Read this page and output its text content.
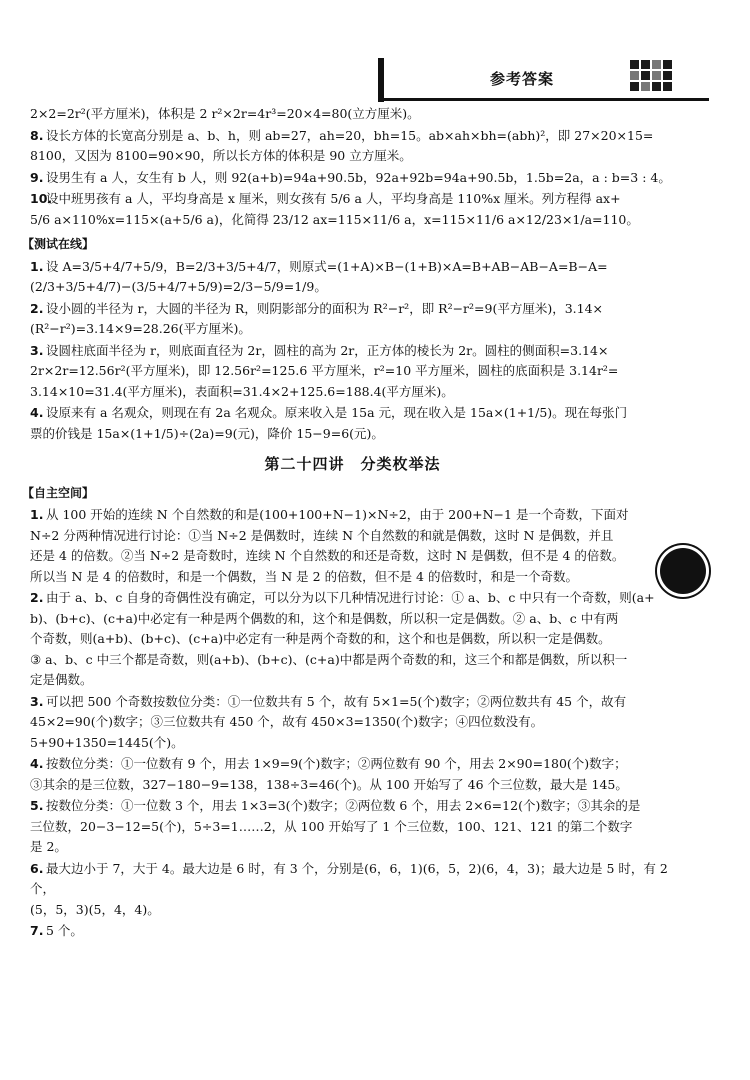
参考答案
2×2=2r²(平方厘米)，体积是 2 r²×2r=4r³=20×4=80(立方厘米)。
8. 设长方体的长宽高分别是 a、b、h，则 ab=27，ah=20，bh=15。ab×ah×bh=(abh)²，即 27×20×15=
8100，又因为 8100=90×90，所以长方体的体积是 90 立方厘米。
9. 设男生有 a 人，女生有 b 人，则 92(a+b)=94a+90.5b，92a+92b=94a+90.5b，1.5b=2a，a : b=3 : 4。
10.设中班男孩有 a 人，平均身高是 x 厘米，则女孩有 5/6 a 人，平均身高是 110%x 厘米。列方程得 ax+
5/6 a×110%x=115×(a+5/6 a)，化简得 23/12 ax=115×11/6 a，x=115×11/6 a×12/23×1/a=110。
【测试在线】
1. 设 A=3/5+4/7+5/9，B=2/3+3/5+4/7，则原式=(1+A)×B−(1+B)×A=B+AB−AB−A=B−A=
(2/3+3/5+4/7)−(3/5+4/7+5/9)=2/3−5/9=1/9。
2. 设小圆的半径为 r，大圆的半径为 R，则阴影部分的面积为 R²−r²，即 R²−r²=9(平方厘米)，3.14×
(R²−r²)=3.14×9=28.26(平方厘米)。
3. 设圆柱底面半径为 r，则底面直径为 2r，圆柱的高为 2r，正方体的棱长为 2r。圆柱的侧面积=3.14×
2r×2r=12.56r²(平方厘米)，即 12.56r²=125.6 平方厘米，r²=10 平方厘米，圆柱的底面积是 3.14r²=
3.14×10=31.4(平方厘米)，表面积=31.4×2+125.6=188.4(平方厘米)。
4. 设原来有 a 名观众，则现在有 2a 名观众。原来收入是 15a 元，现在收入是 15a×(1+1/5)。现在每张门
票的价钱是 15a×(1+1/5)÷(2a)=9(元)，降价 15−9=6(元)。
第二十四讲　分类枚举法
【自主空间】
1. 从 100 开始的连续 N 个自然数的和是(100+100+N−1)×N÷2，由于 200+N−1 是一个奇数，下面对
N÷2 分两种情况进行讨论：①当 N÷2 是偶数时，连续 N 个自然数的和就是偶数，这时 N 是偶数，并且
还是 4 的倍数。②当 N÷2 是奇数时，连续 N 个自然数的和还是奇数，这时 N 是偶数，但不是 4 的倍数。
所以当 N 是 4 的倍数时，和是一个偶数，当 N 是 2 的倍数，但不是 4 的倍数时，和是一个奇数。
2. 由于 a、b、c 自身的奇偶性没有确定，可以分为以下几种情况进行讨论：① a、b、c 中只有一个奇数，则(a+
b)、(b+c)、(c+a)中必定有一种是两个偶数的和，这个和是偶数，所以积一定是偶数。② a、b、c 中有两
个奇数，则(a+b)、(b+c)、(c+a)中必定有一种是两个奇数的和，这个和也是偶数，所以积一定是偶数。
③ a、b、c 中三个都是奇数，则(a+b)、(b+c)、(c+a)中都是两个奇数的和，这三个和都是偶数，所以积一
定是偶数。
3. 可以把 500 个奇数按数位分类：①一位数共有 5 个，故有 5×1=5(个)数字；②两位数共有 45 个，故有
45×2=90(个)数字；③三位数共有 450 个，故有 450×3=1350(个)数字；④四位数没有。
5+90+1350=1445(个)。
4. 按数位分类：①一位数有 9 个，用去 1×9=9(个)数字；②两位数有 90 个，用去 2×90=180(个)数字；
③其余的是三位数，327−180−9=138，138÷3=46(个)。从 100 开始写了 46 个三位数，最大是 145。
5. 按数位分类：①一位数 3 个，用去 1×3=3(个)数字；②两位数 6 个，用去 2×6=12(个)数字；③其余的是
三位数，20−3−12=5(个)，5÷3=1……2，从 100 开始写了 1 个三位数，100、121、121 的第二个数字
是 2。
6. 最大边小于 7，大于 4。最大边是 6 时，有 3 个，分别是(6，6，1)(6，5，2)(6，4，3)；最大边是 5 时，有 2 个，
(5，5，3)(5，4，4)。
7. 5 个。
